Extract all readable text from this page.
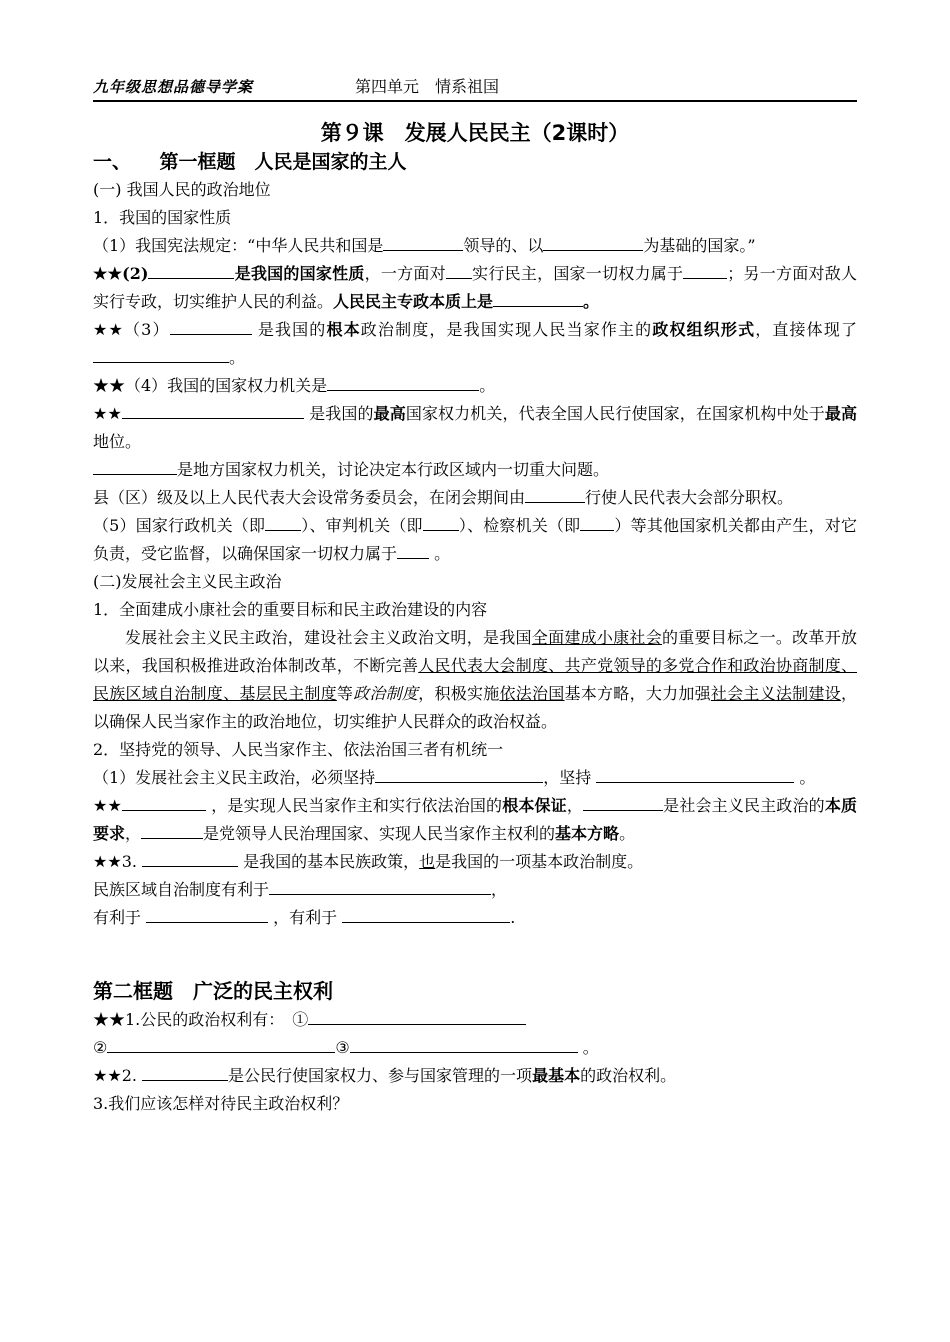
九年级思想品德导学案	第四单元　情系祖国
第９课　发展人民民主（2课时）
一、　　第一框题　人民是国家的主人

(一) 我国人民的政治地位

1．我国的国家性质

（1）我国宪法规定：“中华人民共和国是	领导的、以	为基础的国家。”

★★(2)	是我国的国家性质，一方面对 实行民主，国家一切权力属于	；另一方面对敌人实行专政，切实维护人民的利益。人民民主专政本质上是	。

★★（3）	是我国的根本政治制度，是我国实现人民当家作主的政权组织形式，直接体现了。

★★（4）我国的国家权力机关是	。

★★	是我国的最高国家权力机关，代表全国人民行使国家，在国家机构中处于最高地位。

是地方国家权力机关，讨论决定本行政区域内一切重大问题。

县（区）级及以上人民代表大会设常务委员会，在闭会期间由	行使人民代表大会部分职权。

（5）国家行政机关（即 ）、审判机关（即 ）、检察机关（即 ）等其他国家机关都由产生，对它负责，受它监督，以确保国家一切权力属于 。

(二)发展社会主义民主政治

1．全面建成小康社会的重要目标和民主政治建设的内容

发展社会主义民主政治，建设社会主义政治文明，是我国全面建成小康社会的重要目标之一。改革开放以来，我国积极推进政治体制改革，不断完善人民代表大会制度、共产党领导的多党合作和政治协商制度、民族区域自治制度、基层民主制度等政治制度，积极实施依法治国基本方略，大力加强社会主义法制建设，以确保人民当家作主的政治地位，切实维护人民群众的政治权益。

2．坚持党的领导、人民当家作主、依法治国三者有机统一

（1）发展社会主义民主政治，必须坚持	，坚持	。

★★	，是实现人民当家作主和实行依法治国的根本保证，	是社会主义民主政治的本质要求，	是党领导人民治理国家、实现人民当家作主权利的基本方略。

★★3.	是我国的基本民族政策，也是我国的一项基本政治制度。

民族区域自治制度有利于	，

有利于	，有利于	.

第二框题　广泛的民主权利

★★1.公民的政治权利有：　①

②	③	。

★★2.	是公民行使国家权力、参与国家管理的一项最基本的政治权利。

3.我们应该怎样对待民主政治权利？
